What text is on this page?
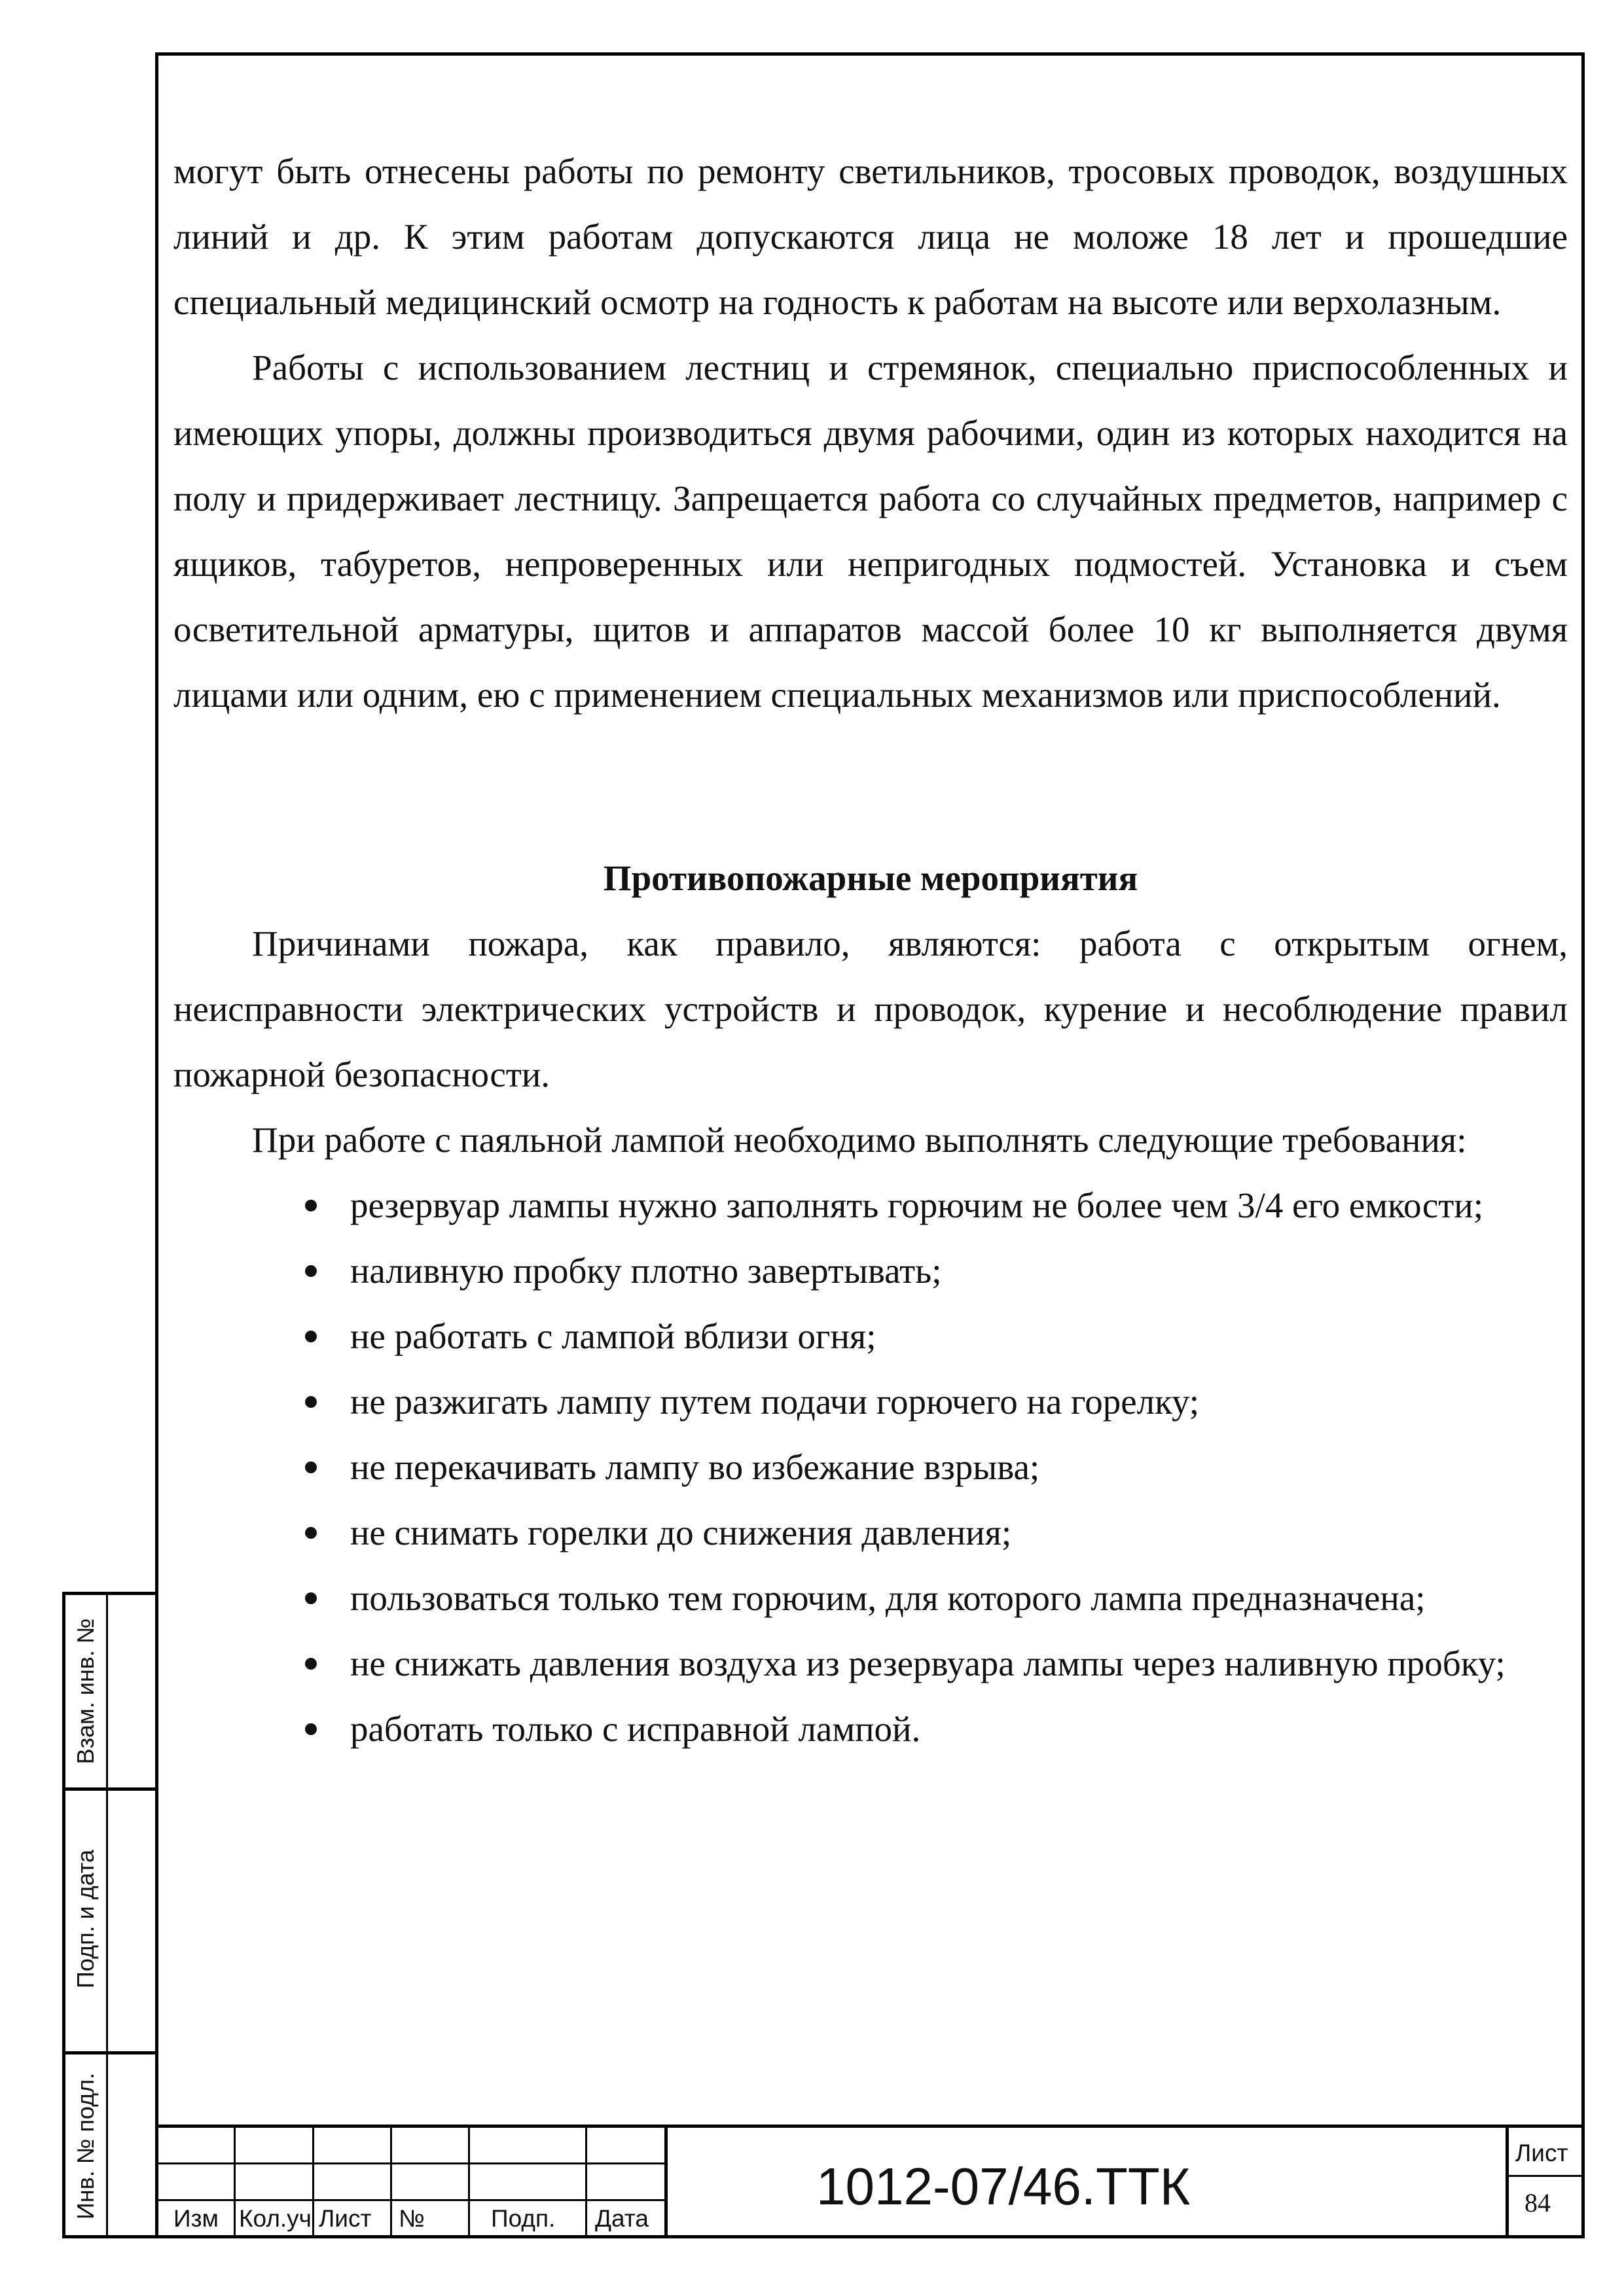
могут быть отнесены работы по ремонту светильников, тросовых проводок, воздушных линий и др. К этим работам допускаются лица не моложе 18 лет и прошедшие специальный медицинский осмотр на годность к работам на высоте или верхолазным.

Работы с использованием лестниц и стремянок, специально приспособленных и имеющих упоры, должны производиться двумя рабочими, один из которых находится на полу и придерживает лестницу. Запрещается работа со случайных предметов, например с ящиков, табуретов, непроверенных или непригодных подмостей. Установка и съем осветительной арматуры, щитов и аппаратов массой более 10 кг выполняется двумя лицами или одним, ею с применением специальных механизмов или приспособлений.

Противопожарные мероприятия

Причинами пожара, как правило, являются: работа с открытым огнем, неисправности электрических устройств и проводок, курение и несоблюдение правил пожарной безопасности.

При работе с паяльной лампой необходимо выполнять следующие требования:

резервуар лампы нужно заполнять горючим не более чем 3/4 его емкости;
наливную пробку плотно завертывать;
не работать с лампой вблизи огня;
не разжигать лампу путем подачи горючего на горелку;
не перекачивать лампу во избежание взрыва;
не снимать горелки до снижения давления;
пользоваться только тем горючим, для которого лампа предназначена;
не снижать давления воздуха из резервуара лампы через наливную пробку;
работать только с исправной лампой.
Взам. инв. №
Подп. и дата
Инв. № подл.	Изм Кол.уч Лист №	Подп. Дата
1012-07/46.ТТК
Лист
84
